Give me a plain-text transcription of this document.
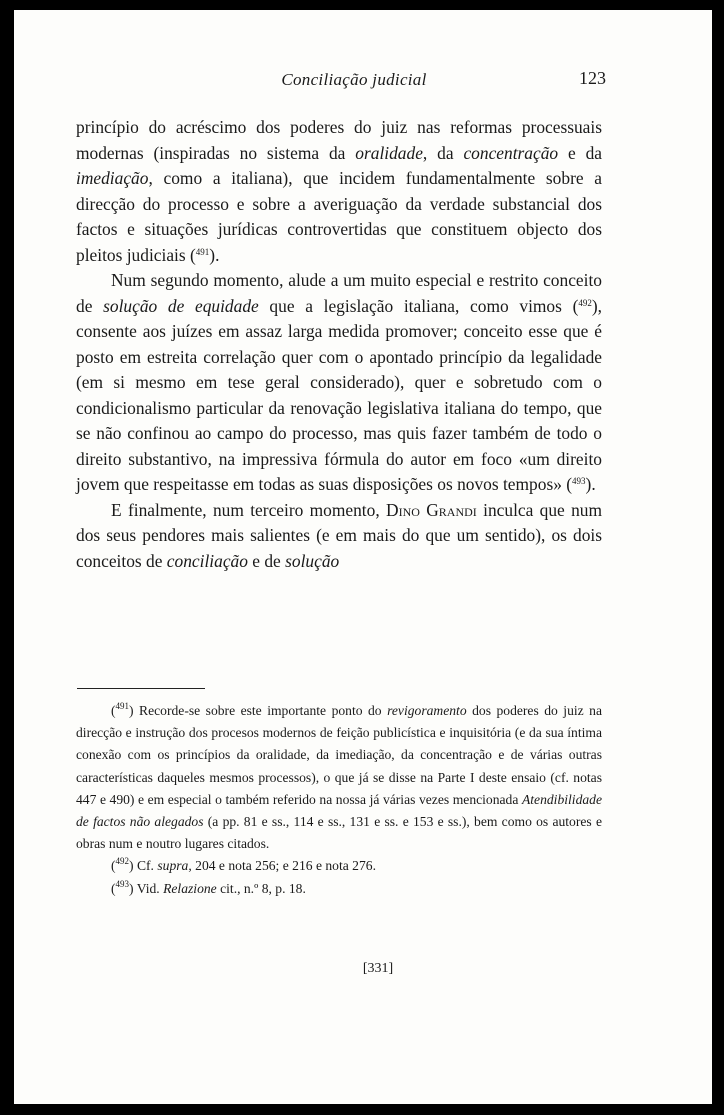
Conciliação judicial	123

princípio do acréscimo dos poderes do juiz nas reformas processuais modernas (inspiradas no sistema da oralidade, da concentração e da imediação, como a italiana), que incidem fundamentalmente sobre a direcção do processo e sobre a averiguação da verdade substancial dos factos e situações jurídicas controvertidas que constituem objecto dos pleitos judiciais ($^{491}$).

Num segundo momento, alude a um muito especial e restrito conceito de solução de equidade que a legislação italiana, como vimos ($^{492}$), consente aos juízes em assaz larga medida promover; conceito esse que é posto em estreita correlação quer com o apontado princípio da legalidade (em si mesmo em tese geral considerado), quer e sobretudo com o condicionalismo particular da renovação legislativa italiana do tempo, que se não confinou ao campo do processo, mas quis fazer também de todo o direito substantivo, na impressiva fórmula do autor em foco «um direito jovem que respeitasse em todas as suas disposições os novos tempos» ($^{493}$).

E finalmente, num terceiro momento, Dino Grandi inculca que num dos seus pendores mais salientes (e em mais do que um sentido), os dois conceitos de conciliação e de solução

($^{491}$) Recorde-se sobre este importante ponto do revigoramento dos poderes do juiz na direcção e instrução dos procesos modernos de feição publicística e inquisitória (e da sua íntima conexão com os princípios da oralidade, da imediação, da concentração e de várias outras características daqueles mesmos processos), o que já se disse na Parte I deste ensaio (cf. notas 447 e 490) e em especial o também referido na nossa já várias vezes mencionada Atendibilidade de factos não alegados (a pp. 81 e ss., 114 e ss., 131 e ss. e 153 e ss.), bem como os autores e obras num e noutro lugares citados.

($^{492}$) Cf. supra, 204 e nota 256; e 216 e nota 276.

($^{493}$) Vid. Relazione cit., n.º 8, p. 18.

[331]
